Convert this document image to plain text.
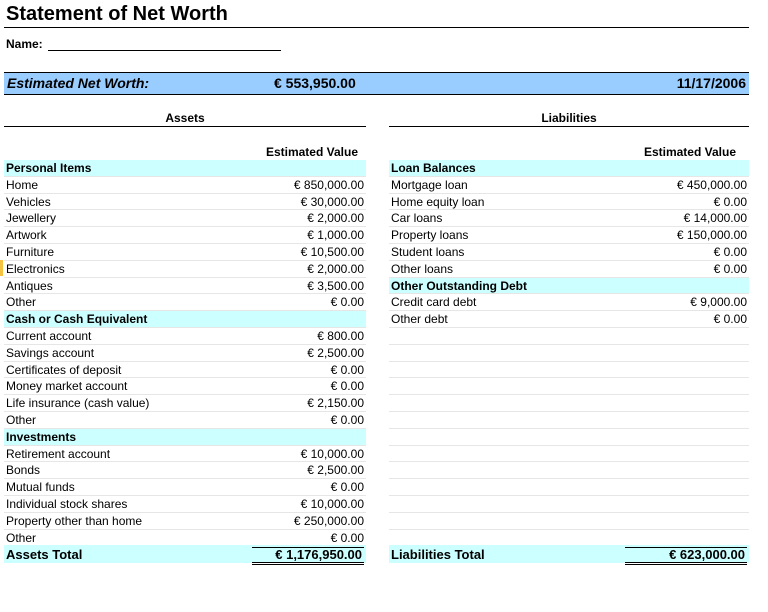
Statement of Net Worth
Name:
Estimated Net Worth:	€ 553,950.00	11/17/2006
Assets
Estimated Value
Personal Items
Home	€ 850,000.00
Vehicles	€ 30,000.00
Jewellery	€ 2,000.00
Artwork	€ 1,000.00
Furniture	€ 10,500.00
Electronics	€ 2,000.00
Antiques	€ 3,500.00
Other	€ 0.00
Cash or Cash Equivalent
Current account	€ 800.00
Savings account	€ 2,500.00
Certificates of deposit	€ 0.00
Money market account	€ 0.00
Life insurance (cash value)	€ 2,150.00
Other	€ 0.00
Investments
Retirement account	€ 10,000.00
Bonds	€ 2,500.00
Mutual funds	€ 0.00
Individual stock shares	€ 10,000.00
Property other than home	€ 250,000.00
Other	€ 0.00
Assets Total	€ 1,176,950.00
Liabilities
Estimated Value
Loan Balances
Mortgage loan	€ 450,000.00
Home equity loan	€ 0.00
Car loans	€ 14,000.00
Property loans	€ 150,000.00
Student loans	€ 0.00
Other loans	€ 0.00
Other Outstanding Debt
Credit card debt	€ 9,000.00
Other debt	€ 0.00
Liabilities Total	€ 623,000.00
